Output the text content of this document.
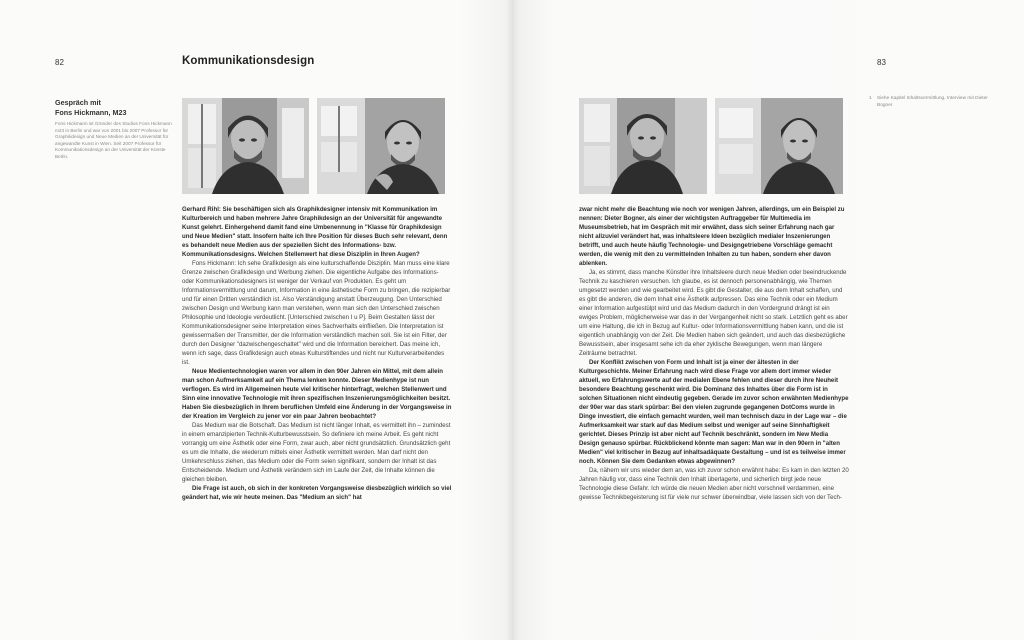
82	Kommunikationsdesign
Gespräch mit
Fons Hickmann, M23
Fons Hickmann ist Gründer des Studios Fons Hickmann m23 in Berlin und war von 2001 bis 2007 Professor für Graphikdesign und Neue Medien an der Universität für angewandte Kunst in Wien. Seit 2007 Professor für Kommunikationsdesign an der Universität der Künste Berlin.

Gerhard Rihl: Sie beschäftigen sich als Graphikdesigner intensiv mit Kommunikation im Kulturbereich und haben mehrere Jahre Graphikdesign an der Universität für angewandte Kunst gelehrt. Einhergehend damit fand eine Umbenennung in "Klasse für Graphikdesign und Neue Medien" statt. Insofern halte ich Ihre Position für dieses Buch sehr relevant, denn es behandelt neue Medien aus der speziellen Sicht des Informations- bzw. Kommunikationsdesigns. Welchen Stellenwert hat diese Disziplin in Ihren Augen?

Fons Hickmann: Ich sehe Grafikdesign als eine kulturschaffende Disziplin. Man muss eine klare Grenze zwischen Grafikdesign und Werbung ziehen. Die eigentliche Aufgabe des Informations- oder Kommunikationsdesigners ist weniger der Verkauf von Produkten. Es geht um Informationsvermittlung und darum, Information in eine ästhetische Form zu bringen, die rezipierbar und für einen Dritten verständlich ist. Also Verständigung anstatt Überzeugung. Den Unterschied zwischen Design und Werbung kann man verstehen, wenn man sich den Unterschied zwischen Philosophie und Ideologie verdeutlicht. [Unterschied zwischen I u P]. Beim Gestalten lässt der Kommunikationsdesigner seine Interpretation eines Sachverhalts einfließen. Die Interpretation ist gewissermaßen der Transmitter, der die Information verständlich machen soll. Sie ist ein Filter, der durch den Designer "dazwischengeschaltet" wird und die Information bereichert. Das meine ich, wenn ich sage, dass Grafikdesign auch etwas Kulturstiftendes und nicht nur Kulturverarbeitendes ist.

Neue Medientechnologien waren vor allem in den 90er Jahren ein Mittel, mit dem allein man schon Aufmerksamkeit auf ein Thema lenken konnte. Dieser Medienhype ist nun verflogen. Es wird im Allgemeinen heute viel kritischer hinterfragt, welchen Stellenwert und Sinn eine innovative Technologie mit ihren spezifischen Inszenierungsmöglichkeiten besitzt. Haben Sie diesbezüglich in Ihrem beruflichen Umfeld eine Änderung in der Vorgangsweise in der Kreation im Vergleich zu jener vor ein paar Jahren beobachtet?

Das Medium war die Botschaft. Das Medium ist nicht länger Inhalt, es vermittelt ihn – zumindest in einem emanzipierten Technik-Kulturbewusstsein. So definiere ich meine Arbeit. Es geht nicht vorrangig um eine Ästhetik oder eine Form, zwar auch, aber nicht grundsätzlich. Grundsätzlich geht es um die Inhalte, die wiederum mittels einer Ästhetik vermittelt werden. Man darf nicht den Umkehrschluss ziehen, das Medium oder die Form seien signifikant, sondern der Inhalt ist das Entscheidende. Medium und Ästhetik verändern sich im Laufe der Zeit, die Inhalte können die gleichen bleiben.

Die Frage ist auch, ob sich in der konkreten Vorgangsweise diesbezüglich wirklich so viel geändert hat, wie wir heute meinen. Das "Medium an sich" hat

83
1 Siehe Kapitel Inhaltsvermittlung, Interview mit Dieter Bogner

zwar nicht mehr die Beachtung wie noch vor wenigen Jahren, allerdings, um ein Beispiel zu nennen: Dieter Bogner, als einer der wichtigsten Auftraggeber für Multimedia im Museumsbetrieb, hat im Gespräch mit mir erwähnt, dass sich seiner Erfahrung nach gar nicht allzuviel verändert hat, was inhaltsleere Ideen bezüglich medialer Inszenierungen betrifft, und auch heute häufig Technologie- und Designgetriebene Vorschläge gemacht werden, die wenig mit den zu vermittelnden Inhalten zu tun haben, sondern eher davon ablenken.

Ja, es stimmt, dass manche Künstler ihre Inhaltsleere durch neue Medien oder beeindruckende Technik zu kaschieren versuchen. Ich glaube, es ist dennoch personenabhängig, wie Themen umgesetzt werden und wie gearbeitet wird. Es gibt die Gestalter, die aus dem Inhalt schaffen, und es gibt die anderen, die dem Inhalt eine Ästhetik aufpressen. Das eine Technik oder ein Medium einer Information aufgestülpt wird und das Medium dadurch in den Vordergrund drängt ist ein ewiges Problem, möglicherweise war das in der Vergangenheit nicht so stark. Letztlich geht es aber um eine Haltung, die ich in Bezug auf Kultur- oder Informationsvermittlung haben kann, und die ist eigentlich unabhängig von der Zeit. Die Medien haben sich geändert, und auch das diesbezügliche Bewusstsein, aber insgesamt sehe ich da eher zyklische Bewegungen, wenn man längere Zeiträume betrachtet.

Der Konflikt zwischen von Form und Inhalt ist ja einer der ältesten in der Kulturgeschichte. Meiner Erfahrung nach wird diese Frage vor allem dort immer wieder aktuell, wo Erfahrungswerte auf der medialen Ebene fehlen und dieser durch ihre Neuheit besondere Beachtung geschenkt wird. Die Dominanz des Inhaltes über die Form ist in solchen Situationen nicht eindeutig gegeben. Gerade im zuvor schon erwähnten Medienhype der 90er war das stark spürbar: Bei den vielen zugrunde gegangenen DotComs wurde in Dinge investiert, die einfach gemacht wurden, weil man technisch dazu in der Lage war – die Aufmerksamkeit war stark auf das Medium selbst und weniger auf seine Sinnhaftigkeit gerichtet. Dieses Prinzip ist aber nicht auf Technik beschränkt, sondern im New Media Design genauso spürbar. Rückblickend könnte man sagen: Man war in den 90ern in "alten Medien" viel kritischer in Bezug auf inhaltsadäquate Gestaltung – und ist es teilweise immer noch. Können Sie dem Gedanken etwas abgewinnen?

Da, nähern wir uns wieder dem an, was ich zuvor schon erwähnt habe: Es kam in den letzten 20 Jahren häufig vor, dass eine Technik den Inhalt überlagerte, und sicherlich birgt jede neue Technologie diese Gefahr. Ich würde die neuen Medien aber nicht vorschnell verdammen, eine gewisse Technikbegeisterung ist für viele nur schwer überwindbar, viele lassen sich von der Tech-
